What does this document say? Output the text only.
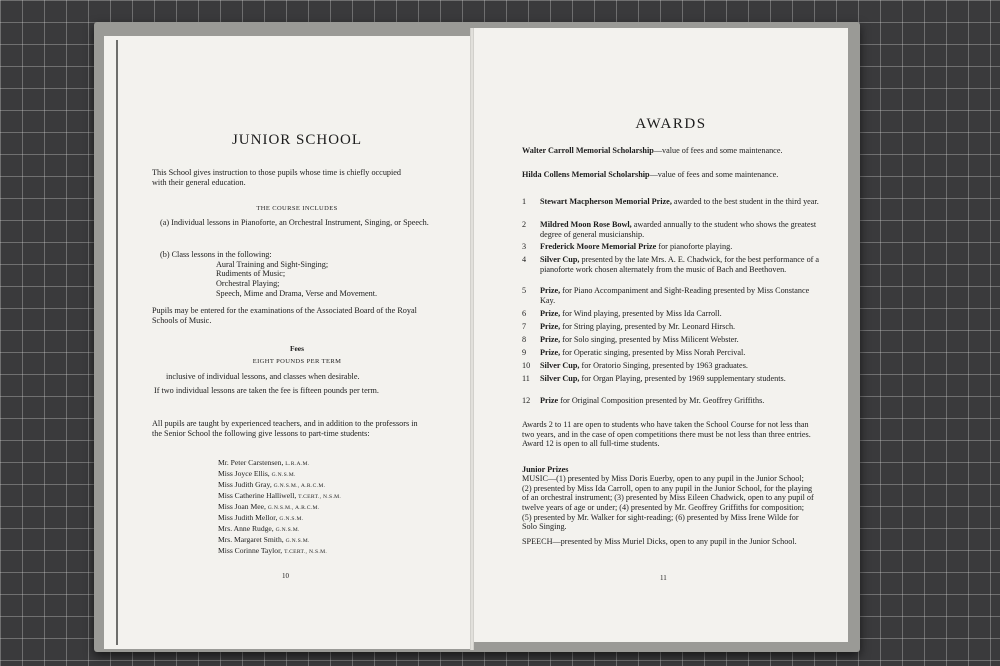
JUNIOR SCHOOL
This School gives instruction to those pupils whose time is chiefly occupied with their general education.
THE COURSE INCLUDES
(a) Individual lessons in Pianoforte, an Orchestral Instrument, Singing, or Speech.
(b) Class lessons in the following:
Aural Training and Sight-Singing;
Rudiments of Music;
Orchestral Playing;
Speech, Mime and Drama, Verse and Movement.
Pupils may be entered for the examinations of the Associated Board of the Royal Schools of Music.
Fees
EIGHT POUNDS PER TERM
inclusive of individual lessons, and classes when desirable.
If two individual lessons are taken the fee is fifteen pounds per term.
All pupils are taught by experienced teachers, and in addition to the professors in the Senior School the following give lessons to part-time students:
Mr. Peter Carstensen, L.R.A.M.
Miss Joyce Ellis, G.N.S.M.
Miss Judith Gray, G.N.S.M., A.R.C.M.
Miss Catherine Halliwell, T.CERT., N.S.M.
Miss Joan Mee, G.N.S.M., A.R.C.M.
Miss Judith Mellor, G.N.S.M.
Mrs. Anne Rudge, G.N.S.M.
Mrs. Margaret Smith, G.N.S.M.
Miss Corinne Taylor, T.CERT., N.S.M.
10
AWARDS
Walter Carroll Memorial Scholarship—value of fees and some maintenance.
Hilda Collens Memorial Scholarship—value of fees and some maintenance.
1	Stewart Macpherson Memorial Prize, awarded to the best student in the third year.
2	Mildred Moon Rose Bowl, awarded annually to the student who shows the greatest degree of general musicianship.
3	Frederick Moore Memorial Prize for pianoforte playing.
4	Silver Cup, presented by the late Mrs. A. E. Chadwick, for the best performance of a pianoforte work chosen alternately from the music of Bach and Beethoven.
5	Prize, for Piano Accompaniment and Sight-Reading presented by Miss Constance Kay.
6	Prize, for Wind playing, presented by Miss Ida Carroll.
7	Prize, for String playing, presented by Mr. Leonard Hirsch.
8	Prize, for Solo singing, presented by Miss Milicent Webster.
9	Prize, for Operatic singing, presented by Miss Norah Percival.
10	Silver Cup, for Oratorio Singing, presented by 1963 graduates.
11	Silver Cup, for Organ Playing, presented by 1969 supplementary students.
12	Prize for Original Composition presented by Mr. Geoffrey Griffiths.
Awards 2 to 11 are open to students who have taken the School Course for not less than two years, and in the case of open competitions there must be not less than three entries. Award 12 is open to all full-time students.
Junior Prizes
MUSIC—(1) presented by Miss Doris Euerby, open to any pupil in the Junior School; (2) presented by Miss Ida Carroll, open to any pupil in the Junior School, for the playing of an orchestral instrument; (3) presented by Miss Eileen Chadwick, open to any pupil of twelve years of age or under; (4) presented by Mr. Geoffrey Griffiths for composition; (5) presented by Mr. Walker for sight-reading; (6) presented by Miss Irene Wilde for Solo Singing.
SPEECH—presented by Miss Muriel Dicks, open to any pupil in the Junior School.
11
